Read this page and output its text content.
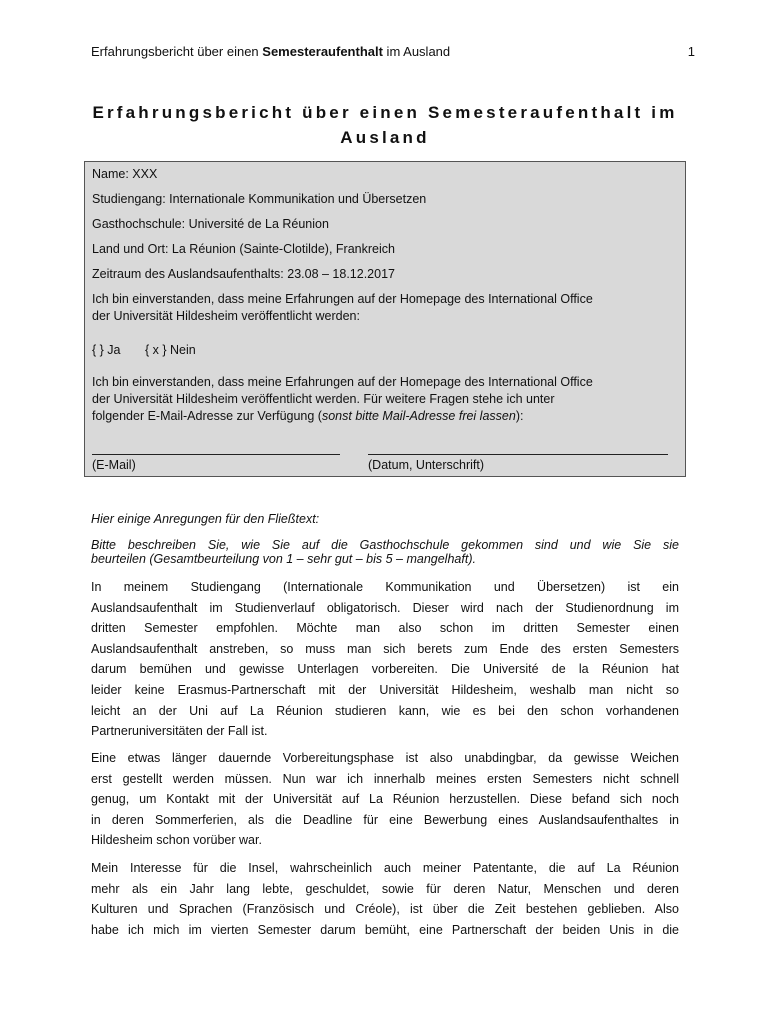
Erfahrungsbericht über einen Semesteraufenthalt im Ausland	1
Erfahrungsbericht über einen Semesteraufenthalt im
Ausland
Name: XXX
Studiengang: Internationale Kommunikation und Übersetzen
Gasthochschule: Université de La Réunion
Land und Ort: La Réunion (Sainte-Clotilde), Frankreich
Zeitraum des Auslandsaufenthalts: 23.08 – 18.12.2017
Ich bin einverstanden, dass meine Erfahrungen auf der Homepage des International Office
der Universität Hildesheim veröffentlicht werden:
{ } Ja { x } Nein
Ich bin einverstanden, dass meine Erfahrungen auf der Homepage des International Office
der Universität Hildesheim veröffentlicht werden. Für weitere Fragen stehe ich unter
folgender E-Mail-Adresse zur Verfügung (sonst bitte Mail-Adresse frei lassen):
(E-Mail)	(Datum, Unterschrift)
Hier einige Anregungen für den Fließtext:
Bitte beschreiben Sie, wie Sie auf die Gasthochschule gekommen sind und wie Sie sie
beurteilen (Gesamtbeurteilung von 1 – sehr gut – bis 5 – mangelhaft).
In meinem Studiengang (Internationale Kommunikation und Übersetzen) ist ein
Auslandsaufenthalt im Studienverlauf obligatorisch. Dieser wird nach der Studienordnung im
dritten Semester empfohlen. Möchte man also schon im dritten Semester einen
Auslandsaufenthalt anstreben, so muss man sich berets zum Ende des ersten Semesters
darum bemühen und gewisse Unterlagen vorbereiten. Die Université de la Réunion hat
leider keine Erasmus-Partnerschaft mit der Universität Hildesheim, weshalb man nicht so
leicht an der Uni auf La Réunion studieren kann, wie es bei den schon vorhandenen
Partneruniversitäten der Fall ist.
Eine etwas länger dauernde Vorbereitungsphase ist also unabdingbar, da gewisse Weichen
erst gestellt werden müssen. Nun war ich innerhalb meines ersten Semesters nicht schnell
genug, um Kontakt mit der Universität auf La Réunion herzustellen. Diese befand sich noch
in deren Sommerferien, als die Deadline für eine Bewerbung eines Auslandsaufenthaltes in
Hildesheim schon vorüber war.
Mein Interesse für die Insel, wahrscheinlich auch meiner Patentante, die auf La Réunion
mehr als ein Jahr lang lebte, geschuldet, sowie für deren Natur, Menschen und deren
Kulturen und Sprachen (Französisch und Créole), ist über die Zeit bestehen geblieben. Also
habe ich mich im vierten Semester darum bemüht, eine Partnerschaft der beiden Unis in die
